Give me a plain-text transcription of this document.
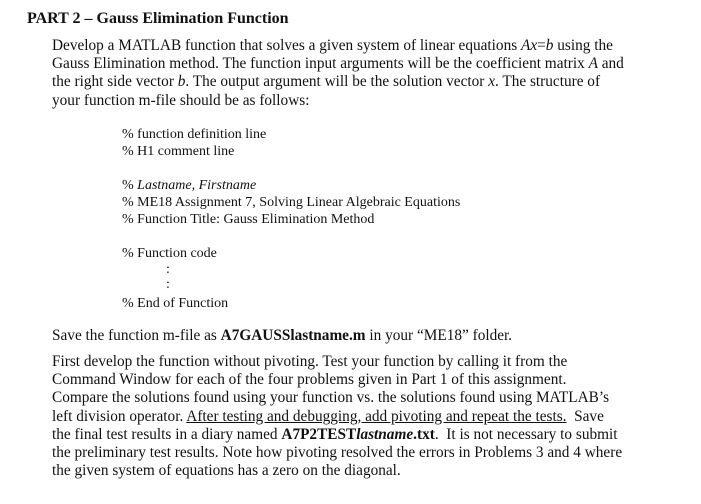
PART 2 – Gauss Elimination Function
Develop a MATLAB function that solves a given system of linear equations Ax=b using the
Gauss Elimination method. The function input arguments will be the coefficient matrix A and
the right side vector b. The output argument will be the solution vector x. The structure of
your function m-file should be as follows:
% function definition line
% H1 comment line
% Lastname, Firstname
% ME18 Assignment 7, Solving Linear Algebraic Equations
% Function Title: Gauss Elimination Method
% Function code
:
:
% End of Function
Save the function m-file as A7GAUSSlastname.m in your “ME18” folder.
First develop the function without pivoting. Test your function by calling it from the
Command Window for each of the four problems given in Part 1 of this assignment.
Compare the solutions found using your function vs. the solutions found using MATLAB’s
left division operator. After testing and debugging, add pivoting and repeat the tests.  Save
the final test results in a diary named A7P2TESTlastname.txt.  It is not necessary to submit
the preliminary test results. Note how pivoting resolved the errors in Problems 3 and 4 where
the given system of equations has a zero on the diagonal.
